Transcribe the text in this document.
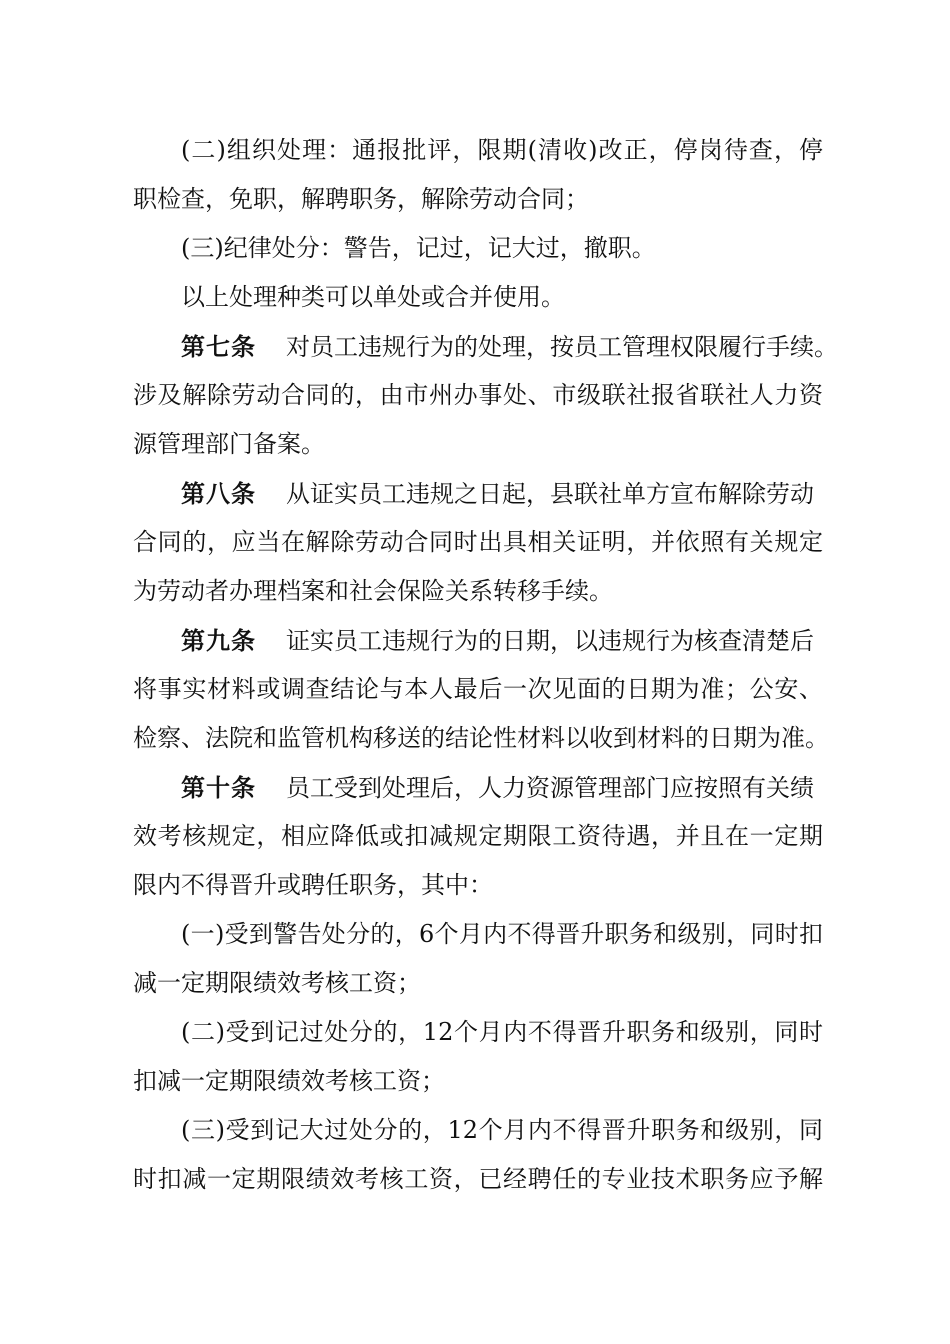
(二)组织处理：通报批评，限期(清收)改正，停岗待查，停
职检查，免职，解聘职务，解除劳动合同；
(三)纪律处分：警告，记过，记大过，撤职。
以上处理种类可以单处或合并使用。
第七条 对员工违规行为的处理，按员工管理权限履行手续。
涉及解除劳动合同的，由市州办事处、市级联社报省联社人力资
源管理部门备案。
第八条 从证实员工违规之日起，县联社单方宣布解除劳动
合同的，应当在解除劳动合同时出具相关证明，并依照有关规定
为劳动者办理档案和社会保险关系转移手续。
第九条 证实员工违规行为的日期，以违规行为核查清楚后
将事实材料或调查结论与本人最后一次见面的日期为准；公安、
检察、法院和监管机构移送的结论性材料以收到材料的日期为准。
第十条 员工受到处理后，人力资源管理部门应按照有关绩
效考核规定，相应降低或扣减规定期限工资待遇，并且在一定期
限内不得晋升或聘任职务，其中：
(一)受到警告处分的，6个月内不得晋升职务和级别，同时扣
减一定期限绩效考核工资；
(二)受到记过处分的，12个月内不得晋升职务和级别，同时
扣减一定期限绩效考核工资；
(三)受到记大过处分的，12个月内不得晋升职务和级别，同
时扣减一定期限绩效考核工资，已经聘任的专业技术职务应予解
